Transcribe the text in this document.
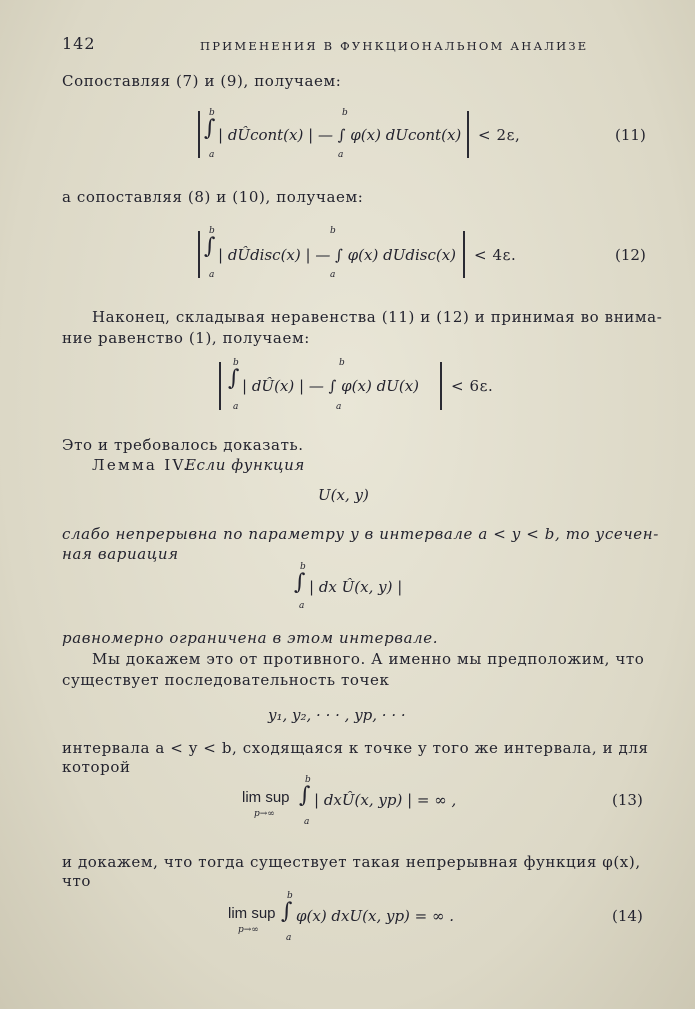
142	ПРИМЕНЕНИЯ В ФУНКЦИОНАЛЬНОМ АНАЛИЗЕ
Сопоставляя (7) и (9), получаем:
b
∫
a
b
a
| dÛcont(x) | — ∫ φ(x) dUcont(x) < 2ε,	(11)
а сопоставляя (8) и (10), получаем:
b
∫
a
b
a
| dÛdisc(x) | — ∫ φ(x) dUdisc(x) < 4ε.	(12)
Наконец, складывая неравенства (11) и (12) и принимая во внима-
ние равенство (1), получаем:
b
∫
a
b
a
| dÛ(x) | — ∫ φ(x) dU(x) < 6ε.
Это и требовалось доказать.
Лемма IV.
Если функция
U(x, y)
слабо непрерывна по параметру y в интервале a < y < b, то усечен-
ная вариация
b
∫
a
| dx Û(x, y) |
равномерно ограничена в этом интервале.
Мы докажем это от противного. А именно мы предположим, что
существует последовательность точек
y₁, y₂, · · · , yp, · · ·
интервала a < y < b, сходящаяся к точке y того же интервала, и для
которой
lim sup
p→∞
b
∫
a
| dxÛ(x, yp) | = ∞ ,	(13)
и докажем, что тогда существует такая непрерывная функция φ(x),
что
lim sup
p→∞
b
∫
a
φ(x) dxU(x, yp) = ∞ .	(14)
